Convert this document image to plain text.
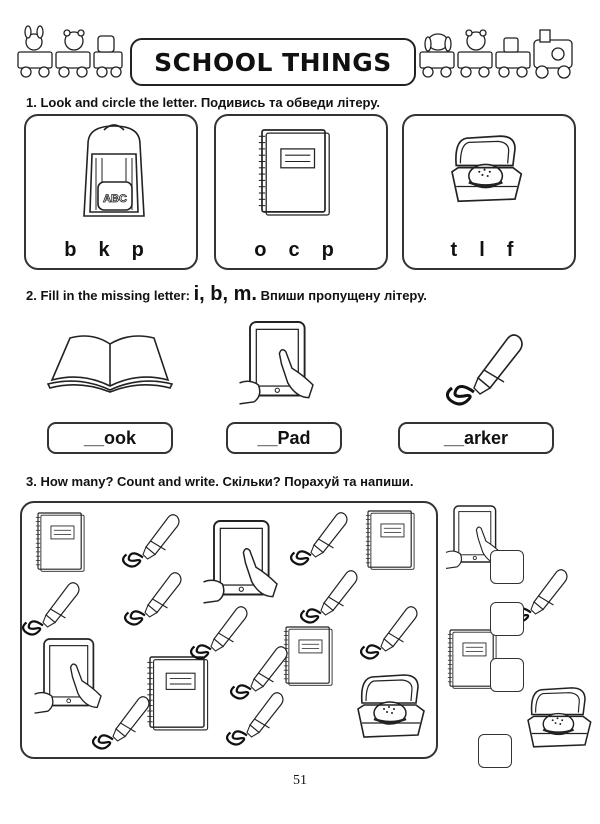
SCHOOL THINGS
1. Look and circle the letter. Подивись та обведи літеру.
ABC
b k p	o c p	t l f
2. Fill in the missing letter: i, b, m. Впиши пропущену літеру.
__ook	__Pad	__arker
3. How many? Count and write. Скільки? Порахуй та напиши.
51
